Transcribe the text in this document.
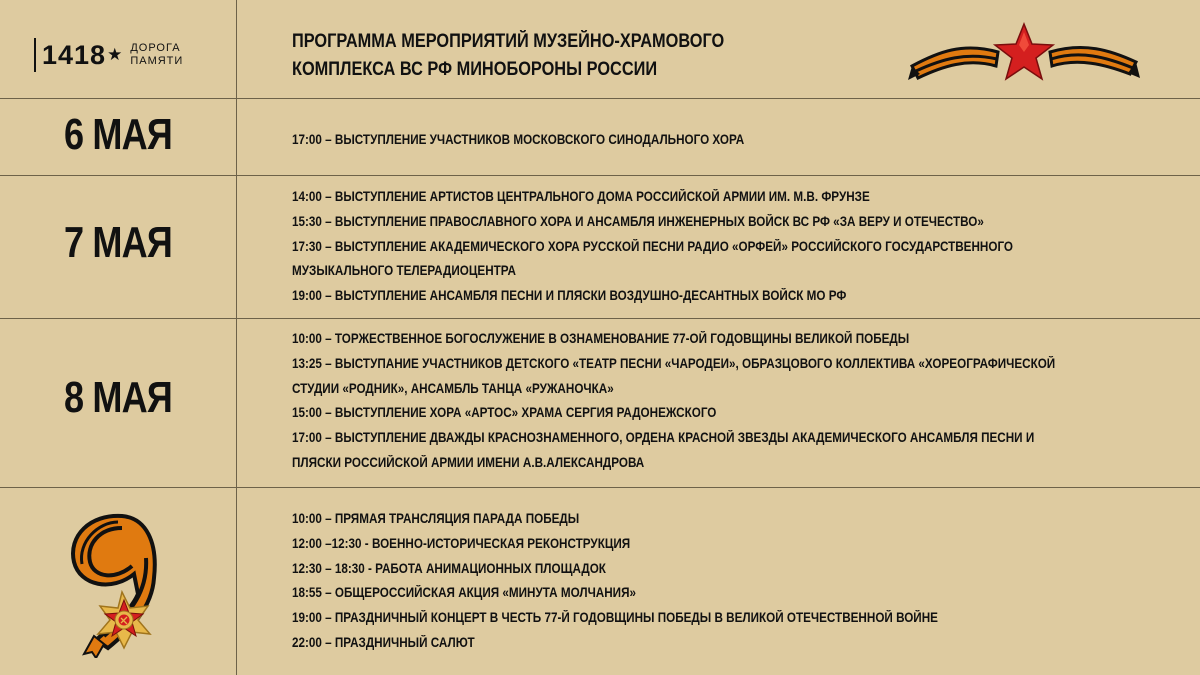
1418 ★ ДОРОГА
ПАМЯТИ
ПРОГРАММА МЕРОПРИЯТИЙ МУЗЕЙНО-ХРАМОВОГО
КОМПЛЕКСА ВС РФ МИНОБОРОНЫ РОССИИ
6 МАЯ
7 МАЯ
8 МАЯ
17:00 – ВЫСТУПЛЕНИЕ УЧАСТНИКОВ МОСКОВСКОГО СИНОДАЛЬНОГО ХОРА
14:00 – ВЫСТУПЛЕНИЕ АРТИСТОВ ЦЕНТРАЛЬНОГО ДОМА РОССИЙСКОЙ АРМИИ ИМ. М.В. ФРУНЗЕ
15:30 – ВЫСТУПЛЕНИЕ ПРАВОСЛАВНОГО ХОРА И АНСАМБЛЯ ИНЖЕНЕРНЫХ ВОЙСК ВС РФ «ЗА ВЕРУ И ОТЕЧЕСТВО»
17:30 – ВЫСТУПЛЕНИЕ АКАДЕМИЧЕСКОГО ХОРА РУССКОЙ ПЕСНИ РАДИО «ОРФЕЙ» РОССИЙСКОГО ГОСУДАРСТВЕННОГО
МУЗЫКАЛЬНОГО ТЕЛЕРАДИОЦЕНТРА
19:00 – ВЫСТУПЛЕНИЕ АНСАМБЛЯ ПЕСНИ И ПЛЯСКИ ВОЗДУШНО-ДЕСАНТНЫХ ВОЙСК МО РФ
10:00 – ТОРЖЕСТВЕННОЕ БОГОСЛУЖЕНИЕ В ОЗНАМЕНОВАНИЕ 77-ОЙ ГОДОВЩИНЫ ВЕЛИКОЙ ПОБЕДЫ
13:25 – ВЫСТУПАНИЕ УЧАСТНИКОВ ДЕТСКОГО «ТЕАТР ПЕСНИ «ЧАРОДЕИ», ОБРАЗЦОВОГО КОЛЛЕКТИВА «ХОРЕОГРАФИЧЕСКОЙ
СТУДИИ «РОДНИК», АНСАМБЛЬ ТАНЦА «РУЖАНОЧКА»
15:00 – ВЫСТУПЛЕНИЕ ХОРА «АРТОС» ХРАМА СЕРГИЯ РАДОНЕЖСКОГО
17:00 – ВЫСТУПЛЕНИЕ ДВАЖДЫ КРАСНОЗНАМЕННОГО, ОРДЕНА КРАСНОЙ ЗВЕЗДЫ АКАДЕМИЧЕСКОГО АНСАМБЛЯ ПЕСНИ И
ПЛЯСКИ РОССИЙСКОЙ АРМИИ ИМЕНИ А.В.АЛЕКСАНДРОВА
10:00 – ПРЯМАЯ ТРАНСЛЯЦИЯ ПАРАДА ПОБЕДЫ
12:00 –12:30 - ВОЕННО-ИСТОРИЧЕСКАЯ РЕКОНСТРУКЦИЯ
12:30 – 18:30 - РАБОТА АНИМАЦИОННЫХ ПЛОЩАДОК
18:55 – ОБЩЕРОССИЙСКАЯ АКЦИЯ «МИНУТА МОЛЧАНИЯ»
19:00 – ПРАЗДНИЧНЫЙ КОНЦЕРТ В ЧЕСТЬ 77-Й ГОДОВЩИНЫ ПОБЕДЫ В ВЕЛИКОЙ ОТЕЧЕСТВЕННОЙ ВОЙНЕ
22:00 – ПРАЗДНИЧНЫЙ САЛЮТ
